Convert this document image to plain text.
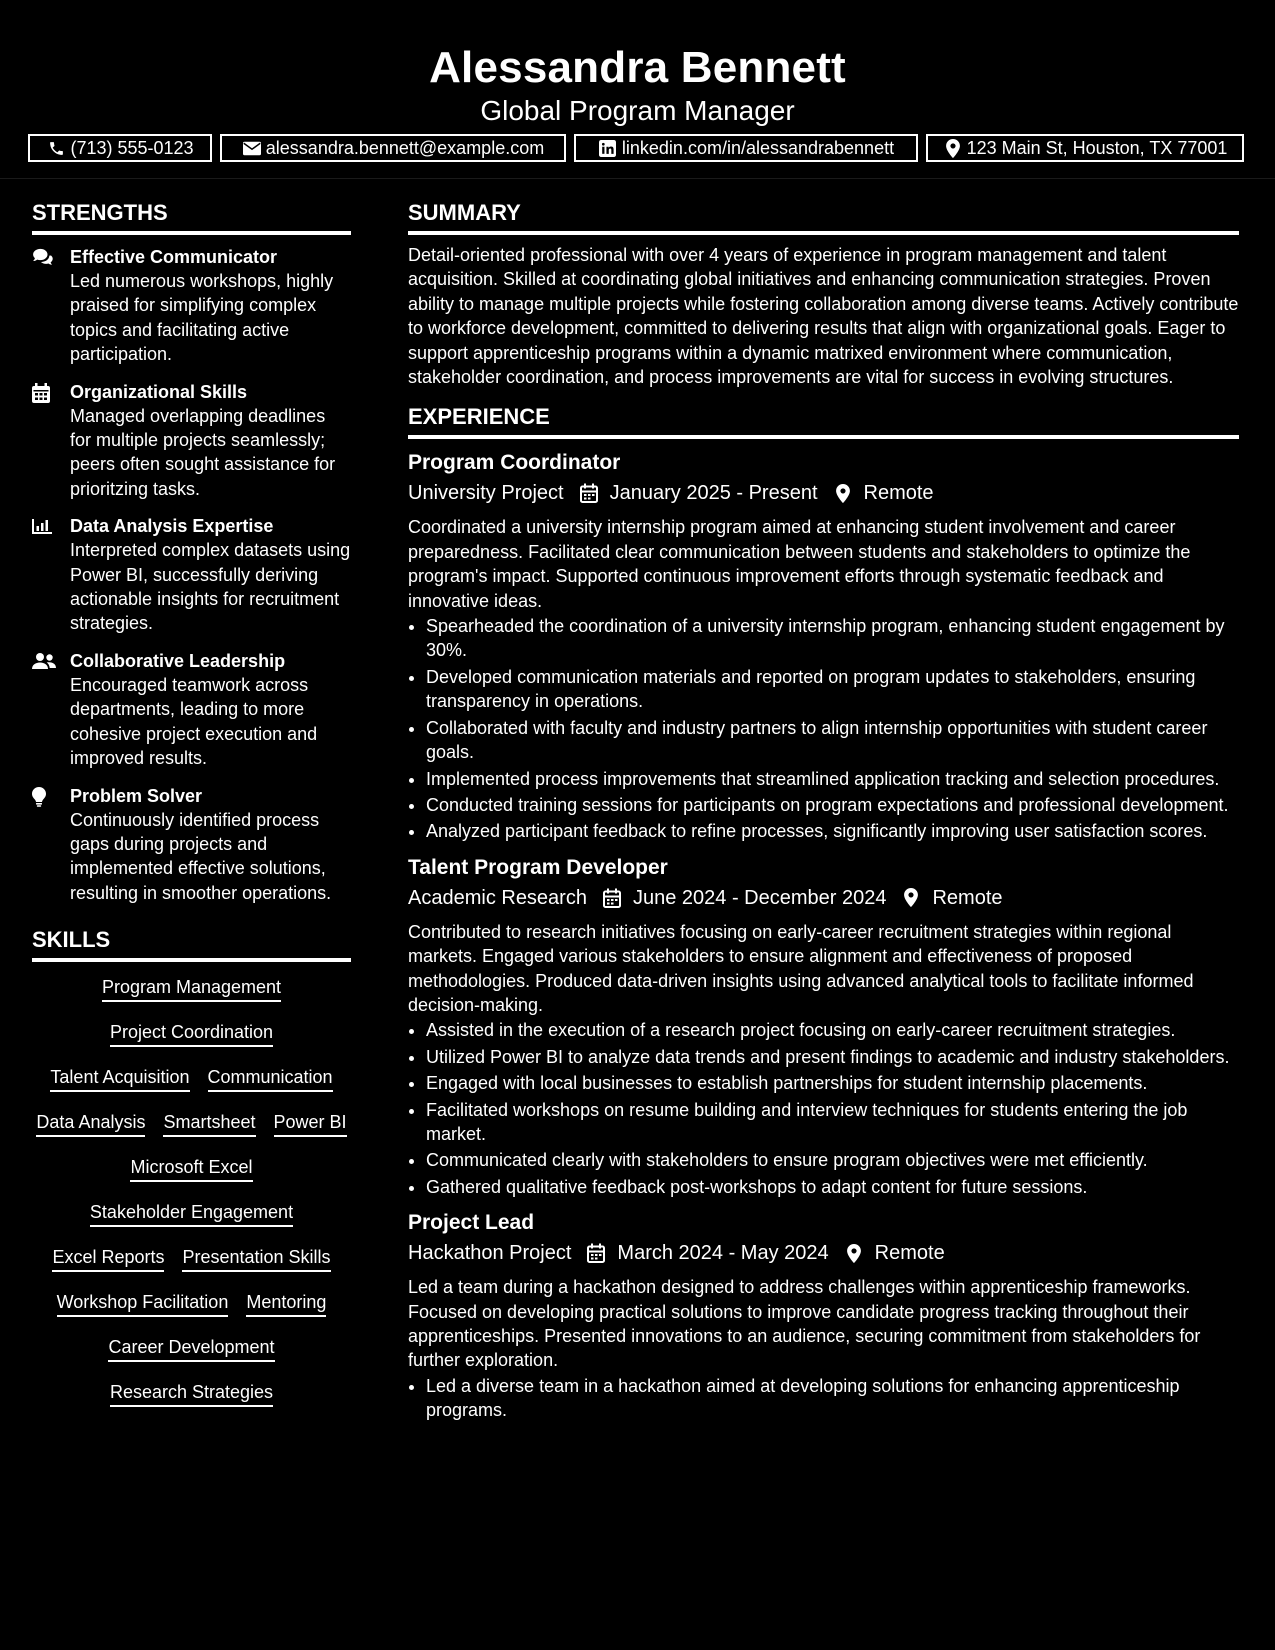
Alessandra Bennett
Global Program Manager
(713) 555-0123	alessandra.bennett@example.com	linkedin.com/in/alessandrabennett	123 Main St, Houston, TX 77001
STRENGTHS
Effective Communicator
Led numerous workshops, highly praised for simplifying complex topics and facilitating active participation.
Organizational Skills
Managed overlapping deadlines for multiple projects seamlessly; peers often sought assistance for prioritzing tasks.
Data Analysis Expertise
Interpreted complex datasets using Power BI, successfully deriving actionable insights for recruitment strategies.
Collaborative Leadership
Encouraged teamwork across departments, leading to more cohesive project execution and improved results.
Problem Solver
Continuously identified process gaps during projects and implemented effective solutions, resulting in smoother operations.
SKILLS
Program Management
Project Coordination
Talent Acquisition Communication
Data Analysis Smartsheet Power BI
Microsoft Excel
Stakeholder Engagement
Excel Reports Presentation Skills
Workshop Facilitation Mentoring
Career Development
Research Strategies
SUMMARY
Detail-oriented professional with over 4 years of experience in program management and talent acquisition. Skilled at coordinating global initiatives and enhancing communication strategies. Proven ability to manage multiple projects while fostering collaboration among diverse teams. Actively contribute to workforce development, committed to delivering results that align with organizational goals. Eager to support apprenticeship programs within a dynamic matrixed environment where communication, stakeholder coordination, and process improvements are vital for success in evolving structures.
EXPERIENCE
Program Coordinator
University Project January 2025 - Present Remote
Coordinated a university internship program aimed at enhancing student involvement and career preparedness. Facilitated clear communication between students and stakeholders to optimize the program's impact. Supported continuous improvement efforts through systematic feedback and innovative ideas.
• Spearheaded the coordination of a university internship program, enhancing student engagement by 30%.
• Developed communication materials and reported on program updates to stakeholders, ensuring transparency in operations.
• Collaborated with faculty and industry partners to align internship opportunities with student career goals.
• Implemented process improvements that streamlined application tracking and selection procedures.
• Conducted training sessions for participants on program expectations and professional development.
• Analyzed participant feedback to refine processes, significantly improving user satisfaction scores.
Talent Program Developer
Academic Research June 2024 - December 2024 Remote
Contributed to research initiatives focusing on early-career recruitment strategies within regional markets. Engaged various stakeholders to ensure alignment and effectiveness of proposed methodologies. Produced data-driven insights using advanced analytical tools to facilitate informed decision-making.
• Assisted in the execution of a research project focusing on early-career recruitment strategies.
• Utilized Power BI to analyze data trends and present findings to academic and industry stakeholders.
• Engaged with local businesses to establish partnerships for student internship placements.
• Facilitated workshops on resume building and interview techniques for students entering the job market.
• Communicated clearly with stakeholders to ensure program objectives were met efficiently.
• Gathered qualitative feedback post-workshops to adapt content for future sessions.
Project Lead
Hackathon Project March 2024 - May 2024 Remote
Led a team during a hackathon designed to address challenges within apprenticeship frameworks. Focused on developing practical solutions to improve candidate progress tracking throughout their apprenticeships. Presented innovations to an audience, securing commitment from stakeholders for further exploration.
• Led a diverse team in a hackathon aimed at developing solutions for enhancing apprenticeship programs.
